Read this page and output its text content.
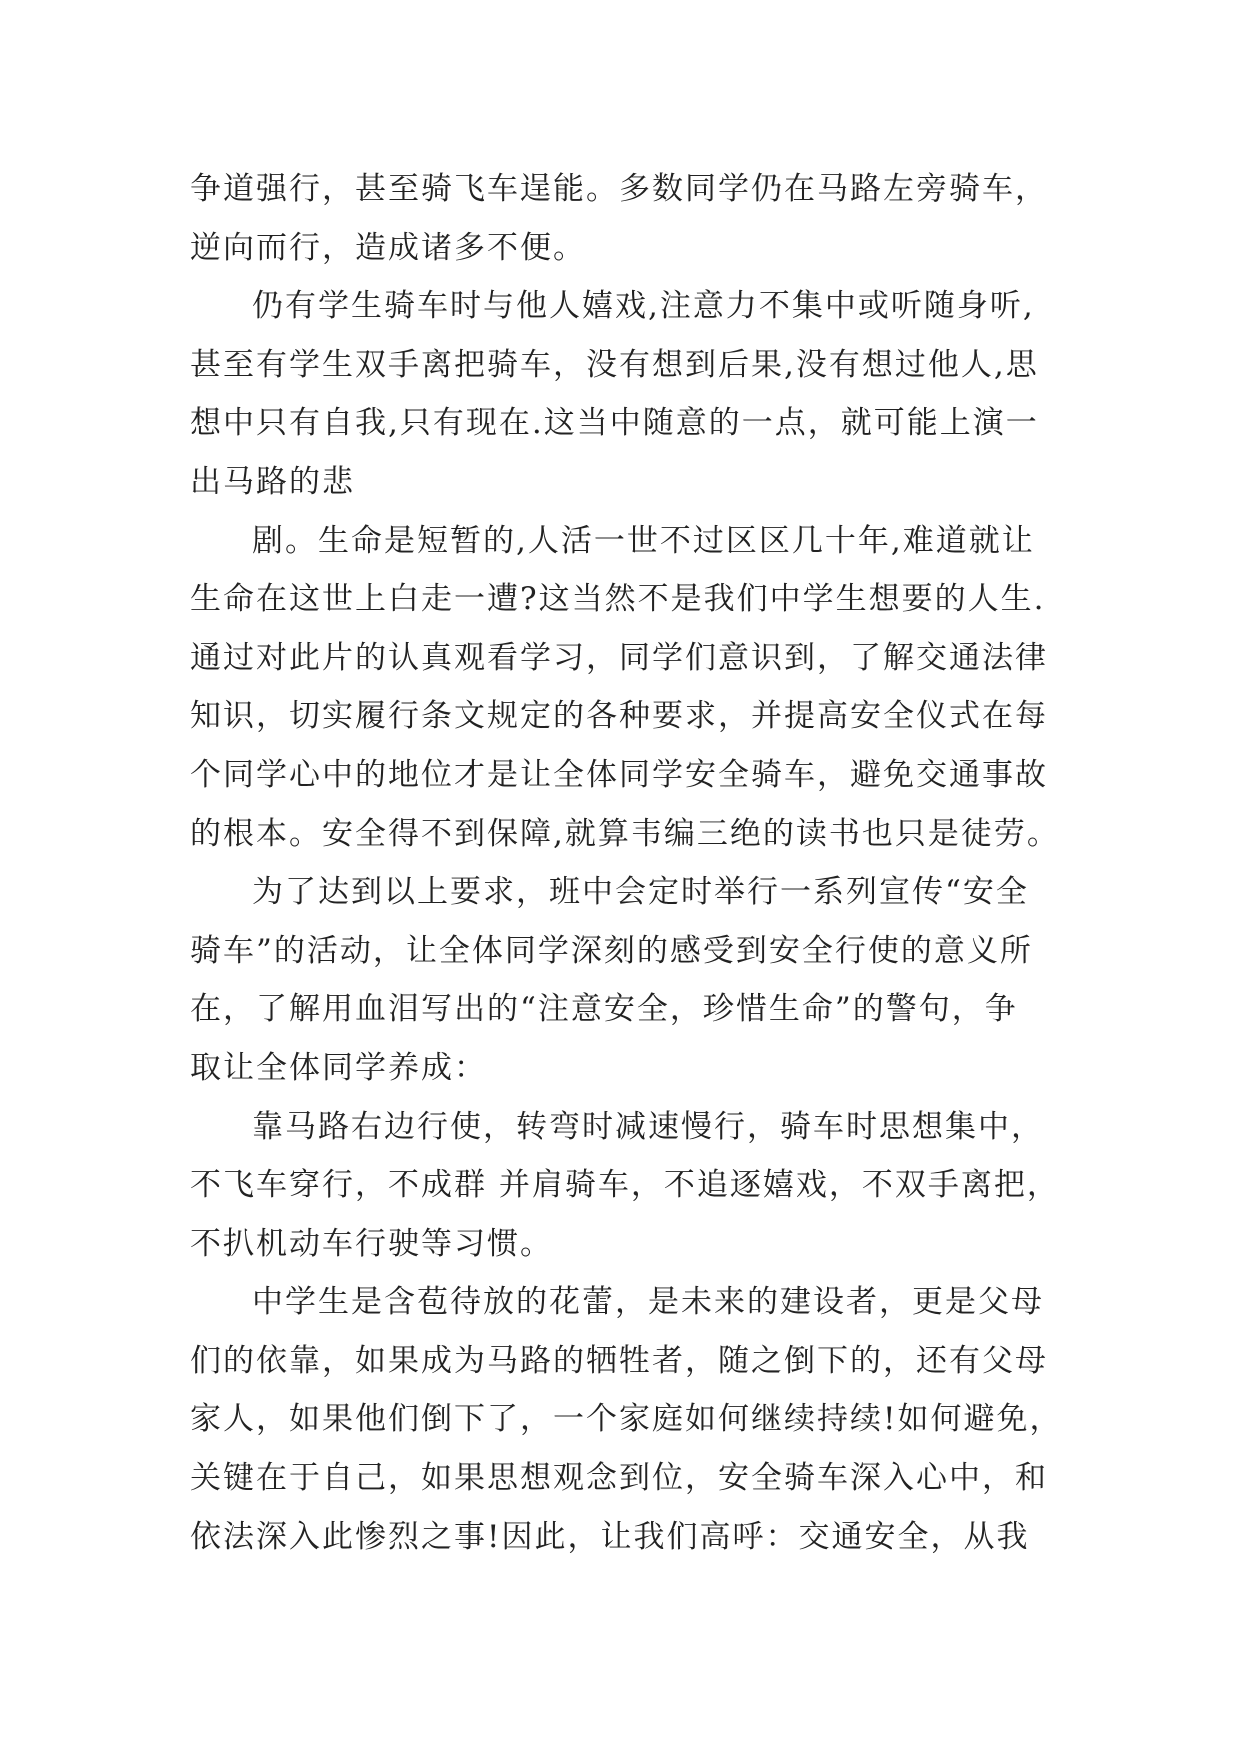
争道强行，甚至骑飞车逞能。多数同学仍在马路左旁骑车，
逆向而行，造成诸多不便。
仍有学生骑车时与他人嬉戏,注意力不集中或听随身听,
甚至有学生双手离把骑车，没有想到后果,没有想过他人,思
想中只有自我,只有现在.这当中随意的一点，就可能上演一
出马路的悲
剧。生命是短暂的,人活一世不过区区几十年,难道就让
生命在这世上白走一遭?这当然不是我们中学生想要的人生.
通过对此片的认真观看学习，同学们意识到，了解交通法律
知识，切实履行条文规定的各种要求，并提高安全仪式在每
个同学心中的地位才是让全体同学安全骑车，避免交通事故
的根本。安全得不到保障,就算韦编三绝的读书也只是徒劳。
为了达到以上要求，班中会定时举行一系列宣传“安全
骑车”的活动，让全体同学深刻的感受到安全行使的意义所
在，了解用血泪写出的“注意安全，珍惜生命”的警句，争
取让全体同学养成：
靠马路右边行使，转弯时减速慢行，骑车时思想集中，
不飞车穿行，不成群 并肩骑车，不追逐嬉戏，不双手离把，
不扒机动车行驶等习惯。
中学生是含苞待放的花蕾，是未来的建设者，更是父母
们的依靠，如果成为马路的牺牲者，随之倒下的，还有父母
家人，如果他们倒下了，一个家庭如何继续持续!如何避免，
关键在于自己，如果思想观念到位，安全骑车深入心中，和
依法深入此惨烈之事!因此，让我们高呼：交通安全，从我
